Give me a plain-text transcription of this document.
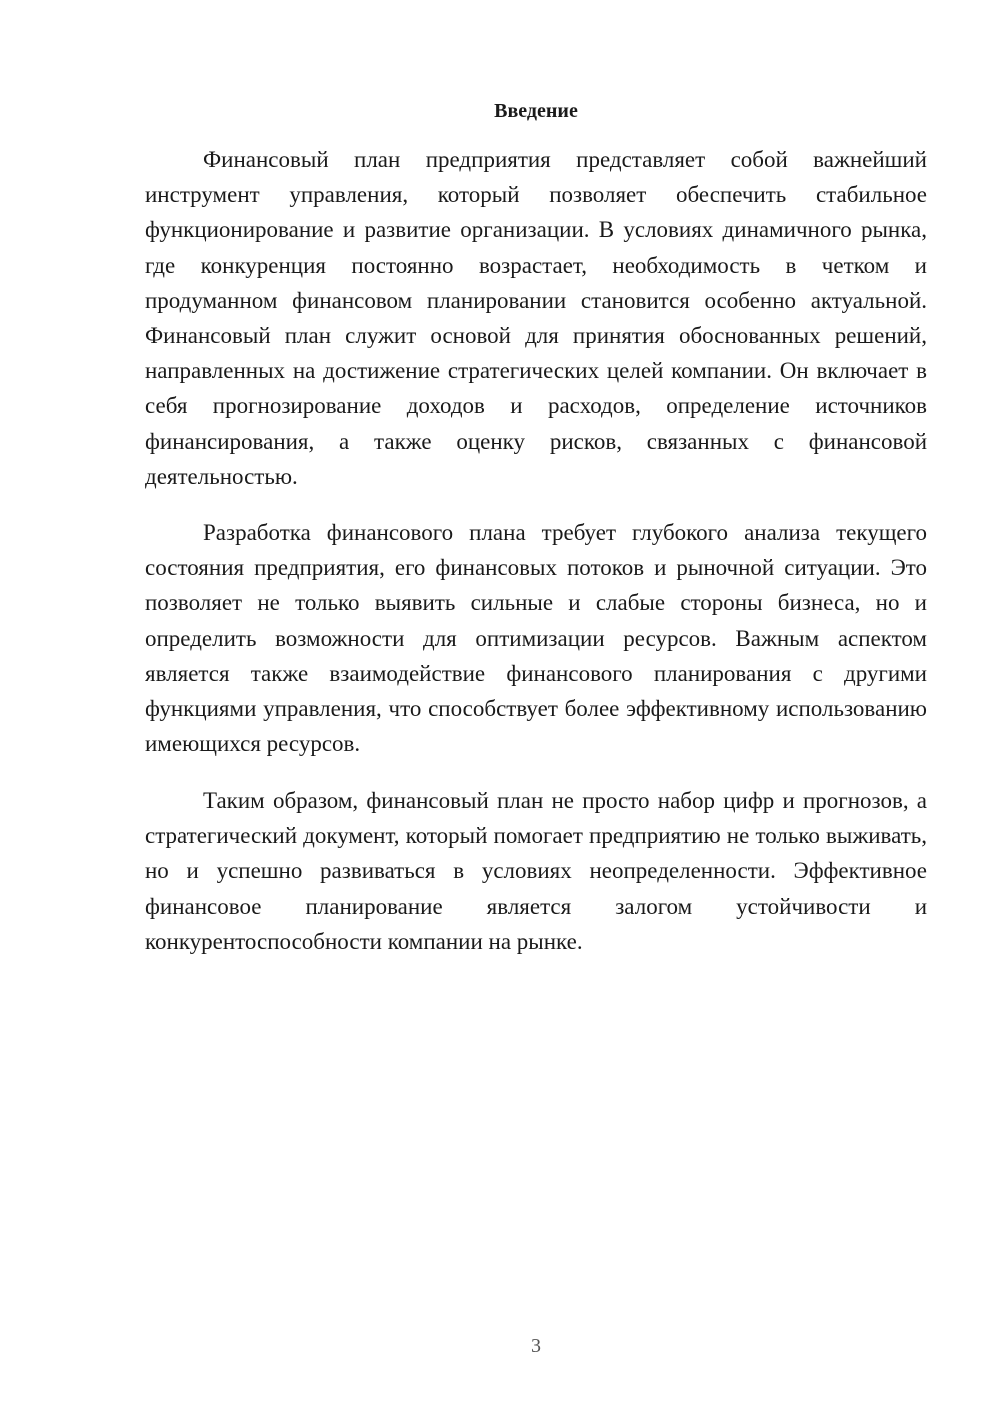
Введение

Финансовый план предприятия представляет собой важнейший инструмент управления, который позволяет обеспечить стабильное функционирование и развитие организации. В условиях динамичного рынка, где конкуренция постоянно возрастает, необходимость в четком и продуманном финансовом планировании становится особенно актуальной. Финансовый план служит основой для принятия обоснованных решений, направленных на достижение стратегических целей компании. Он включает в себя прогнозирование доходов и расходов, определение источников финансирования, а также оценку рисков, связанных с финансовой деятельностью.

Разработка финансового плана требует глубокого анализа текущего состояния предприятия, его финансовых потоков и рыночной ситуации. Это позволяет не только выявить сильные и слабые стороны бизнеса, но и определить возможности для оптимизации ресурсов. Важным аспектом является также взаимодействие финансового планирования с другими функциями управления, что способствует более эффективному использованию имеющихся ресурсов.

Таким образом, финансовый план не просто набор цифр и прогнозов, а стратегический документ, который помогает предприятию не только выживать, но и успешно развиваться в условиях неопределенности. Эффективное финансовое планирование является залогом устойчивости и конкурентоспособности компании на рынке.

3
